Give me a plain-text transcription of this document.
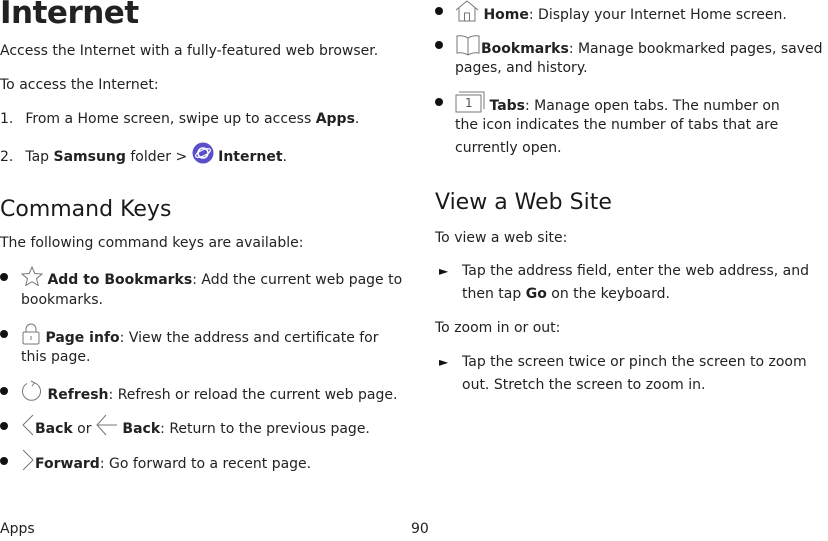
Internet
Access the Internet with a fully-featured web browser.
To access the Internet:
1. From a Home screen, swipe up to access Apps.
2. Tap Samsung folder >  Internet.
Command Keys
The following command keys are available:
Add to Bookmarks: Add the current web page to
bookmarks.
Page info: View the address and certificate for
this page.
Refresh: Refresh or reload the current web page.
Back or  Back: Return to the previous page.
Forward: Go forward to a recent page.
Home: Display your Internet Home screen.
Bookmarks: Manage bookmarked pages, saved
pages, and history.
1 Tabs: Manage open tabs. The number on
the icon indicates the number of tabs that are
currently open.
View a Web Site
To view a web site:
► Tap the address field, enter the web address, and
then tap Go on the keyboard.
To zoom in or out:
► Tap the screen twice or pinch the screen to zoom
out. Stretch the screen to zoom in.
Apps	90
